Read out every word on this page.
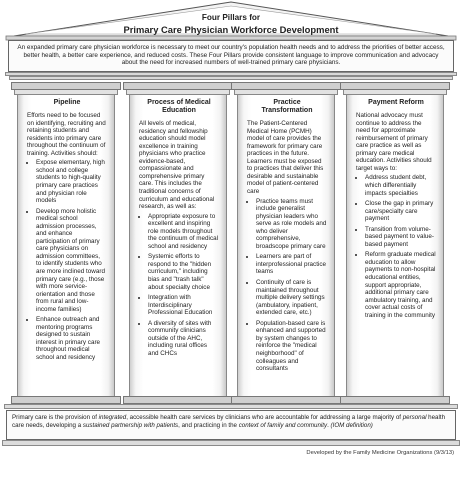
Four Pillars for
Primary Care Physician Workforce Development
An expanded primary care physician workforce is necessary to meet our country's population health needs and to address the priorities of better access, better health, a better care experience, and reduced costs. These Four Pillars provide consistent language to improve communication and advocacy about the need for increased numbers of well-trained primary care physicians.
Pipeline

Efforts need to be focused on identifying, recruiting and retaining students and residents into primary care throughout the continuum of training. Activities should:

• Expose elementary, high school and college students to high-quality primary care practices and physician role models
• Develop more holistic medical school admission processes, and enhance participation of primary care physicians on admission committees, to identify students who are more inclined toward primary care (e.g., those with more service-orientation and those from rural and low-income families)
• Enhance outreach and mentoring programs designed to sustain interest in primary care throughout medical school and residency
Process of Medical Education

All levels of medical, residency and fellowship education should model excellence in training physicians who practice evidence-based, compassionate and comprehensive primary care. This includes the traditional concerns of curriculum and educational research, as well as:

• Appropriate exposure to excellent and inspiring role models throughout the continuum of medical school and residency
• Systemic efforts to respond to the "hidden curriculum," including bias and "trash talk" about specialty choice
• Integration with Interdisciplinary Professional Education
• A diversity of sites with community clinicians outside of the AHC, including rural offices and CHCs
Practice Transformation

The Patient-Centered Medical Home (PCMH) model of care provides the framework for primary care practices in the future. Learners must be exposed to practices that deliver this desirable and sustainable model of patient-centered care

• Practice teams must include generalist physician leaders who serve as role models and who deliver comprehensive, broadscope primary care
• Learners are part of interprofessional practice teams
• Continuity of care is maintained throughout multiple delivery settings (ambulatory, inpatient, extended care, etc.)
• Population-based care is enhanced and supported by system changes to reinforce the "medical neighborhood" of colleagues and consultants
Payment Reform

National advocacy must continue to address the need for approximate reimbursement of primary care practice as well as primary care medical education. Activities should target ways to:

• Address student debt, which differentially impacts specialties
• Close the gap in primary care/specialty care payment
• Transition from volume-based payment to value-based payment
• Reform graduate medical education to allow payments to non-hospital educational entities, support appropriate, additional primary care ambulatory training, and cover actual costs of training in the community
Primary care is the provision of integrated, accessible health care services by clinicians who are accountable for addressing a large majority of personal health care needs, developing a sustained partnership with patients, and practicing in the context of family and community. (IOM definition)
Developed by the Family Medicine Organizations (9/3/13)
